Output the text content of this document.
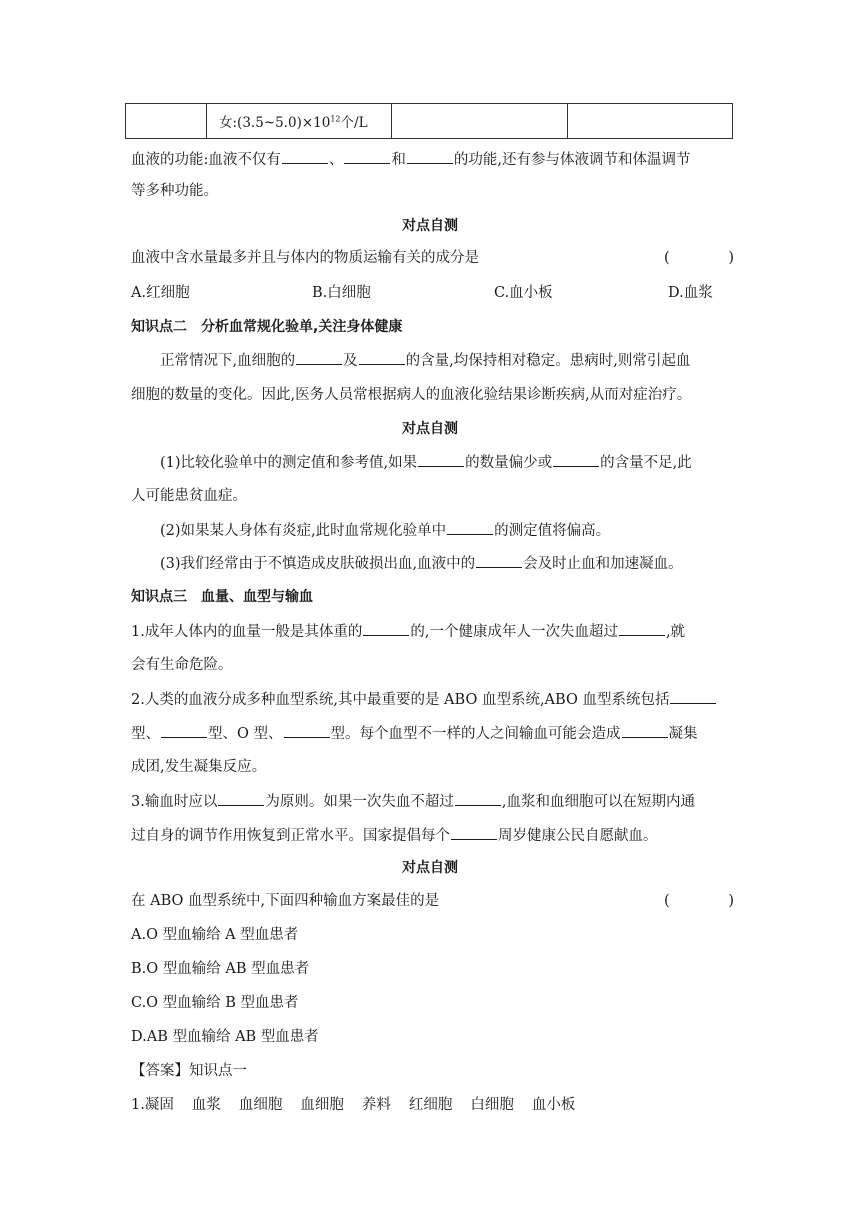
	女$:(3.5\sim 5.0)\times 10^{12}$个/L		
血液的功能:血液不仅有	、	和	的功能,还有参与体液调节和体温调节
等多种功能。
对点自测
血液中含水量最多并且与体内的物质运输有关的成分是	(	)
A.红细胞	B.白细胞	C.血小板	D.血浆
知识点二　分析血常规化验单,关注身体健康
正常情况下,血细胞的	及	的含量,均保持相对稳定。患病时,则常引起血
细胞的数量的变化。因此,医务人员常根据病人的血液化验结果诊断疾病,从而对症治疗。
对点自测
(1)比较化验单中的测定值和参考值,如果	的数量偏少或	的含量不足,此
人可能患贫血症。
(2)如果某人身体有炎症,此时血常规化验单中	的测定值将偏高。
(3)我们经常由于不慎造成皮肤破损出血,血液中的	会及时止血和加速凝血。
知识点三　血量、血型与输血
1.成年人体内的血量一般是其体重的	的,一个健康成年人一次失血超过	,就
会有生命危险。
2.人类的血液分成多种血型系统,其中最重要的是 ABO 血型系统,ABO 血型系统包括
型、	型、O 型、	型。每个血型不一样的人之间输血可能会造成	凝集
成团,发生凝集反应。
3.输血时应以	为原则。如果一次失血不超过	,血浆和血细胞可以在短期内通
过自身的调节作用恢复到正常水平。国家提倡每个	周岁健康公民自愿献血。
对点自测
在 ABO 血型系统中,下面四种输血方案最佳的是	(	)
A.O 型血输给 A 型血患者
B.O 型血输给 AB 型血患者
C.O 型血输给 B 型血患者
D.AB 型血输给 AB 型血患者
【答案】知识点一
1.凝固 血浆 血细胞 血细胞 养料 红细胞 白细胞 血小板
